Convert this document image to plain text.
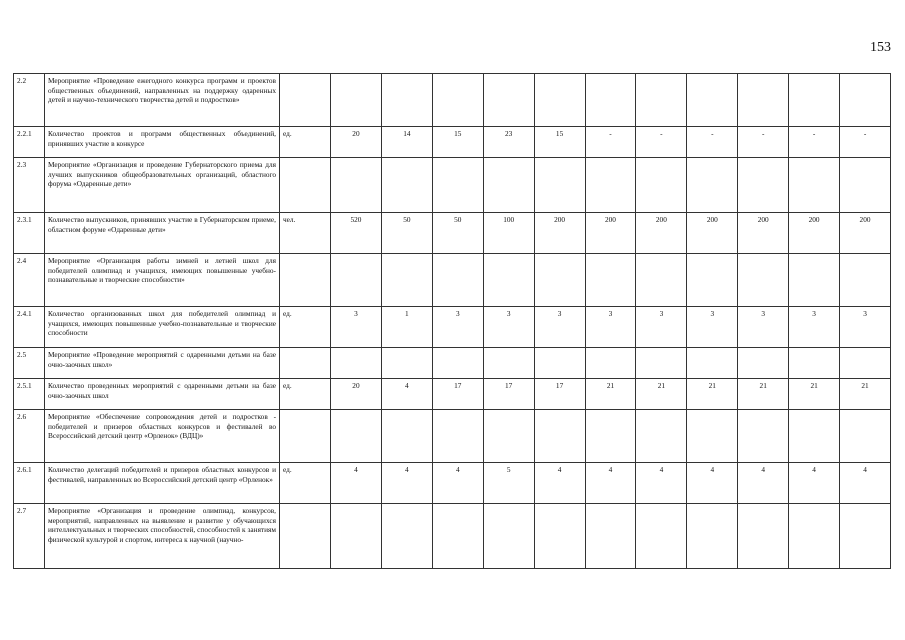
153
2.2	Мероприятие «Проведение ежегодного конкурса программ и проектов общественных объединений, направленных на поддержку одаренных детей и научно-технического творчества детей и подростков»												
2.2.1	Количество проектов и программ общественных объединений, принявших участие в конкурсе	ед.	20	14	15	23	15	-	-	-	-	-	-
2.3	Мероприятие «Организация и проведение Губернаторского приема для лучших выпускников общеобразовательных организаций, областного форума «Одаренные дети»												
2.3.1	Количество выпускников, принявших участие в Губернаторском приеме, областном форуме «Одаренные дети»	чел.	520	50	50	100	200	200	200	200	200	200	200
2.4	Мероприятие «Организация работы зимней и летней школ для победителей олимпиад и учащихся, имеющих повышенные учебно-познавательные и творческие способности»												
2.4.1	Количество организованных школ для победителей олимпиад и учащихся, имеющих повышенные учебно-познавательные и творческие способности	ед.	3	1	3	3	3	3	3	3	3	3	3
2.5	Мероприятие «Проведение мероприятий с одаренными детьми на базе очно-заочных школ»												
2.5.1	Количество проведенных мероприятий с одаренными детьми на базе очно-заочных школ	ед.	20	4	17	17	17	21	21	21	21	21	21
2.6	Мероприятие «Обеспечение сопровождения детей и подростков - победителей и призеров областных конкурсов и фестивалей во Всероссийский детский центр «Орленок» (ВДЦ)»												
2.6.1	Количество делегаций победителей и призеров областных конкурсов и фестивалей, направленных во Всероссийский детский центр «Орленок»	ед.	4	4	4	5	4	4	4	4	4	4	4
2.7	Мероприятие «Организация и проведение олимпиад, конкурсов, мероприятий, направленных на выявление и развитие у обучающихся интеллектуальных и творческих способностей, способностей к занятиям физической культурой и спортом, интереса к научной (научно-												
